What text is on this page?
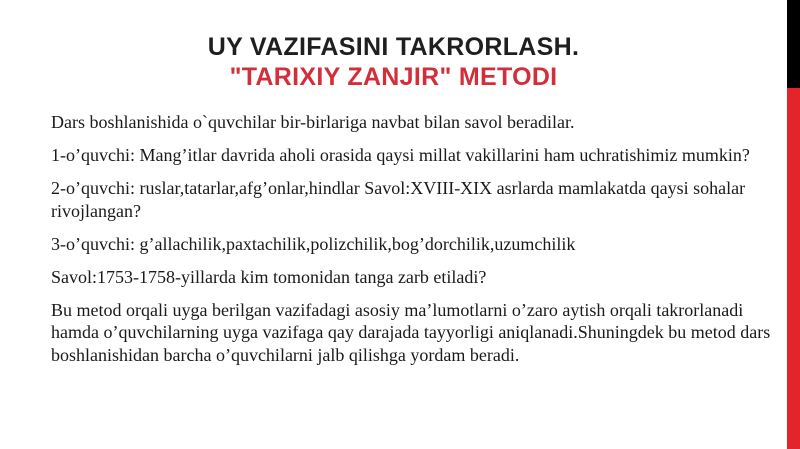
UY VAZIFASINI TAKRORLASH.
"TARIXIY ZANJIR" METODI

Dars boshlanishida o`quvchilar bir-birlariga navbat bilan savol beradilar.

1-o’quvchi: Mang’itlar davrida aholi orasida qaysi millat vakillarini ham uchratishimiz mumkin?

2-o’quvchi: ruslar,tatarlar,afg’onlar,hindlar Savol:XVIII-XIX asrlarda mamlakatda qaysi sohalar rivojlangan?

3-o’quvchi: g’allachilik,paxtachilik,polizchilik,bog’dorchilik,uzumchilik

Savol:1753-1758-yillarda kim tomonidan tanga zarb etiladi?

Bu metod orqali uyga berilgan vazifadagi asosiy ma’lumotlarni o’zaro aytish orqali takrorlanadi hamda o’quvchilarning uyga vazifaga qay darajada tayyorligi aniqlanadi.Shuningdek bu metod dars boshlanishidan barcha o’quvchilarni jalb qilishga yordam beradi.
